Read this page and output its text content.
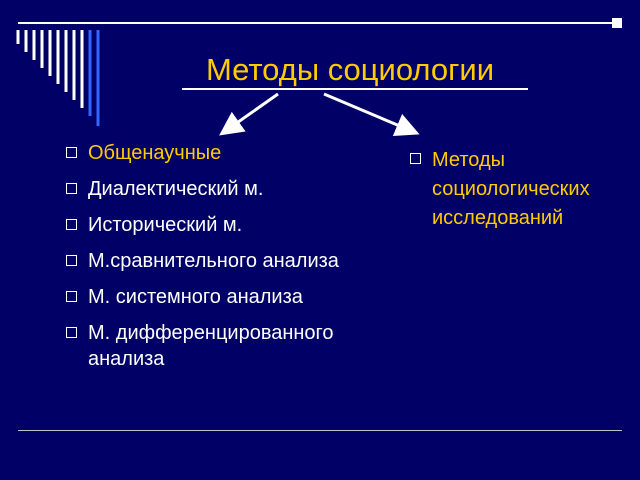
Методы социологии
Общенаучные
Диалектический м.
Исторический м.
М.сравнительного анализа
М. системного анализа
М. дифференцированного анализа
Методы социологических исследований
